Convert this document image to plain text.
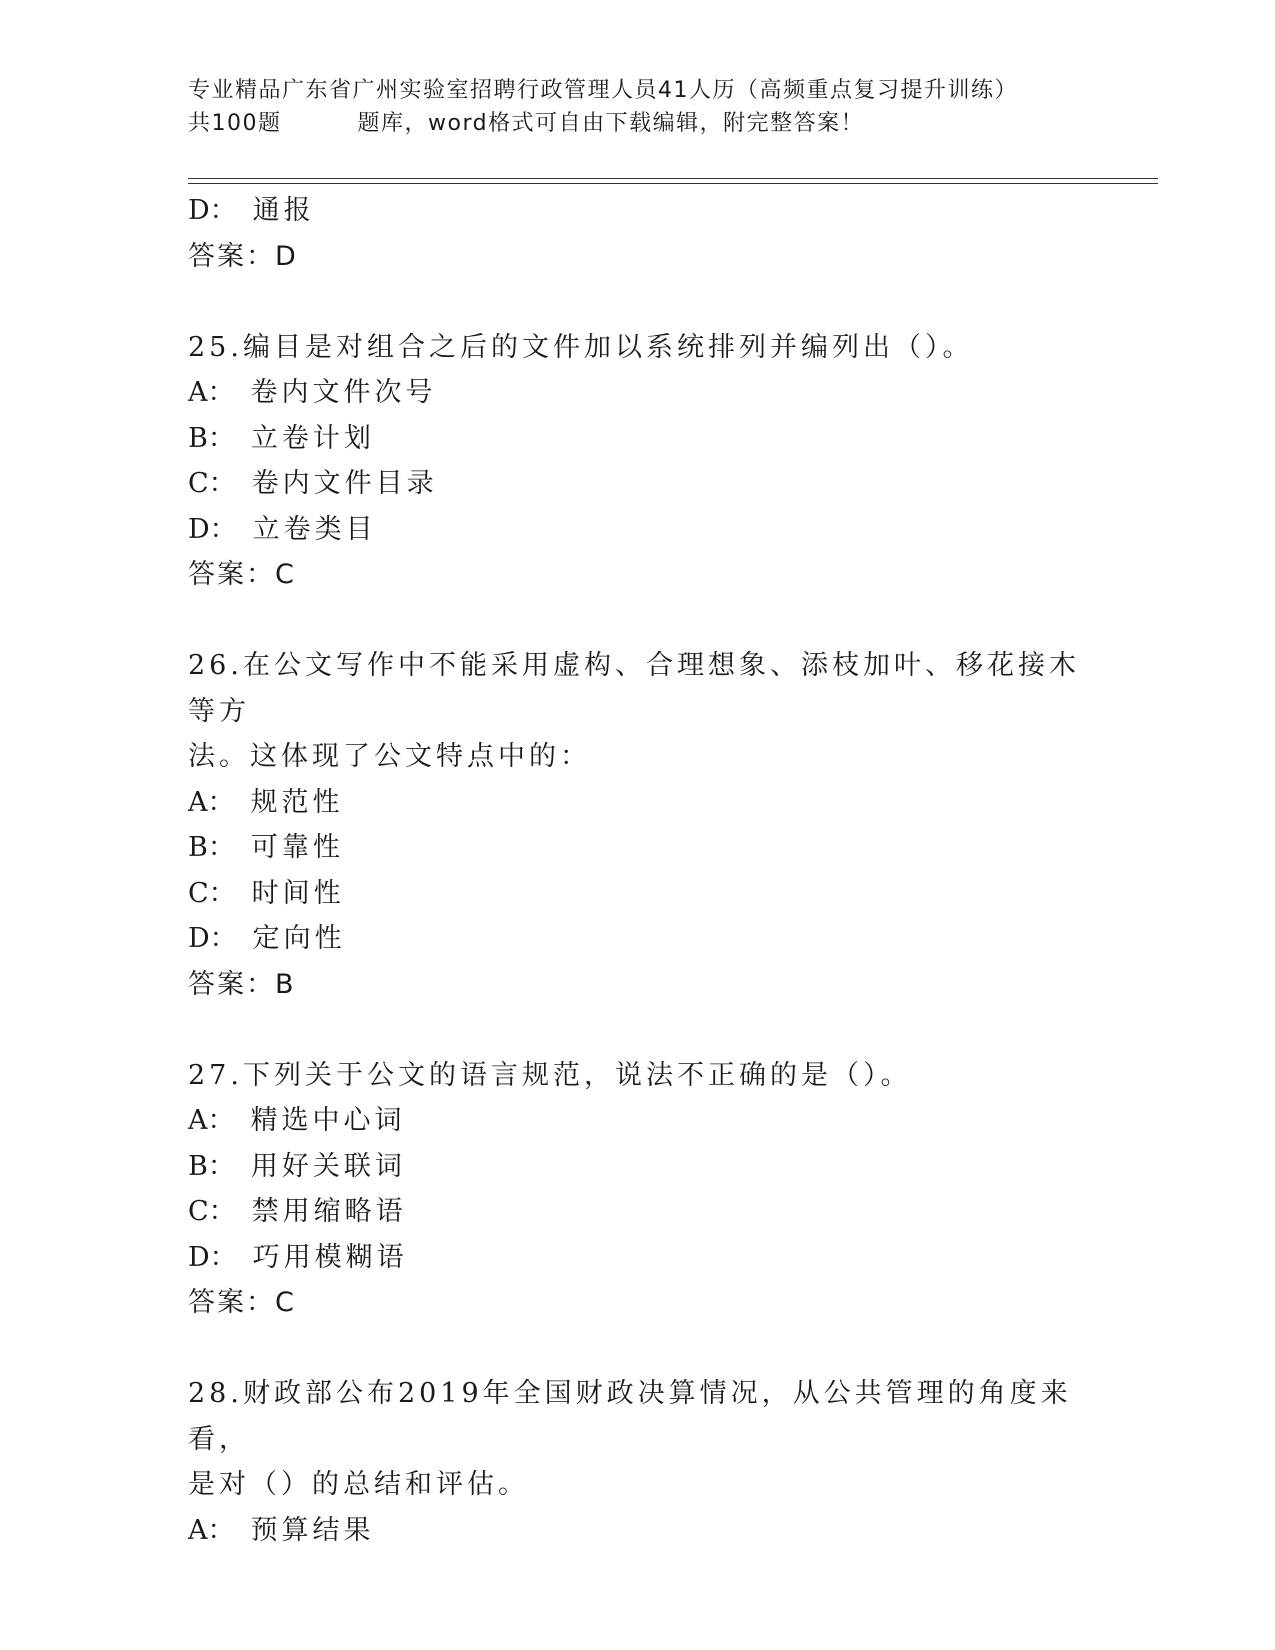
专业精品广东省广州实验室招聘行政管理人员41人历（高频重点复习提升训练）
共100题	题库，word格式可自由下载编辑，附完整答案！
D： 通报
答案：D
25.编目是对组合之后的文件加以系统排列并编列出（）。
A： 卷内文件次号
B： 立卷计划
C： 卷内文件目录
D： 立卷类目
答案：C
26.在公文写作中不能采用虚构、合理想象、添枝加叶、移花接木等方
法。这体现了公文特点中的：
A： 规范性
B： 可靠性
C： 时间性
D： 定向性
答案：B
27.下列关于公文的语言规范，说法不正确的是（）。
A： 精选中心词
B： 用好关联词
C： 禁用缩略语
D： 巧用模糊语
答案：C
28.财政部公布2019年全国财政决算情况，从公共管理的角度来看，
是对（）的总结和评估。
A： 预算结果
